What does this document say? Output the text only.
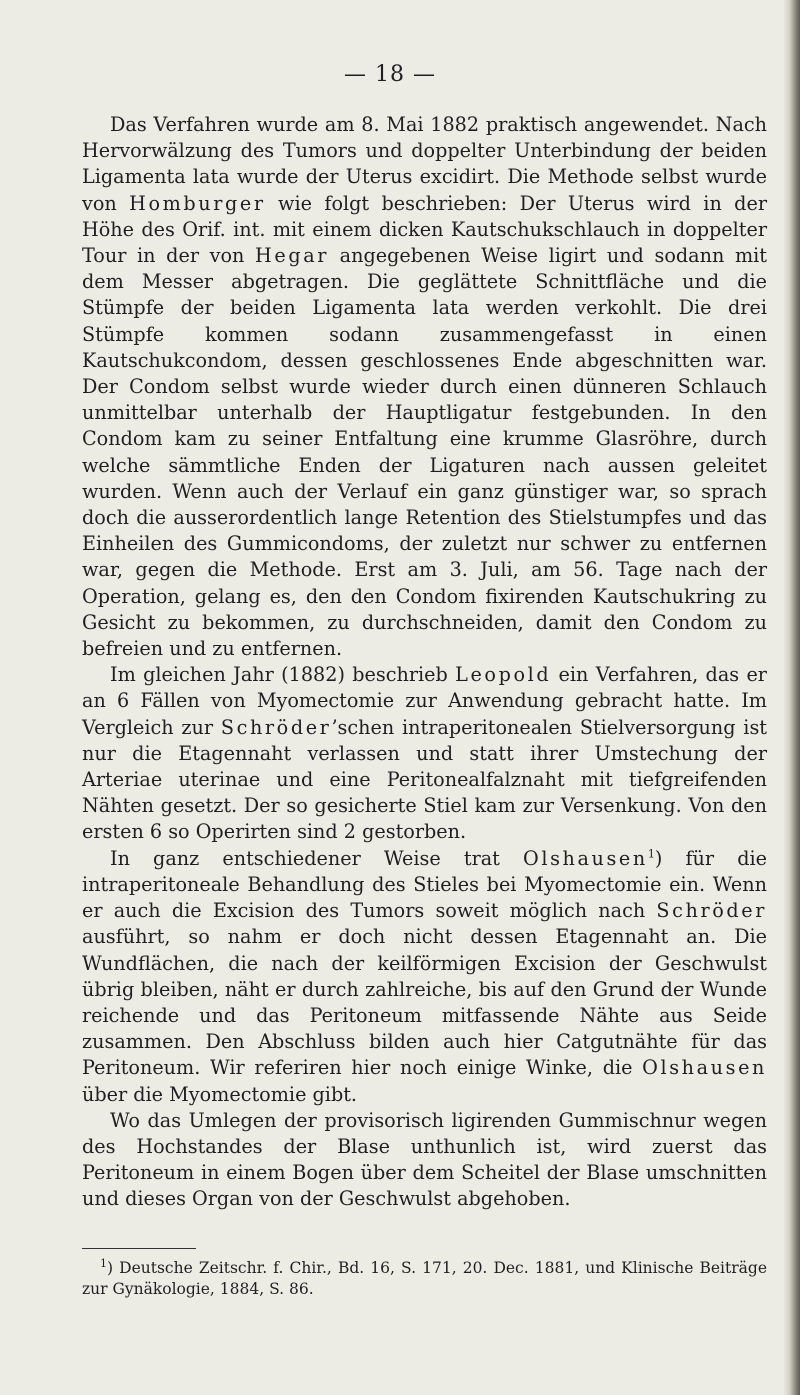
— 18 —

Das Verfahren wurde am 8. Mai 1882 praktisch angewendet. Nach Hervorwälzung des Tumors und doppelter Unterbindung der beiden Ligamenta lata wurde der Uterus excidirt. Die Methode selbst wurde von Homburger wie folgt beschrieben: Der Uterus wird in der Höhe des Orif. int. mit einem dicken Kautschukschlauch in doppelter Tour in der von Hegar angegebenen Weise ligirt und sodann mit dem Messer abgetragen. Die geglättete Schnittfläche und die Stümpfe der beiden Ligamenta lata werden verkohlt. Die drei Stümpfe kommen sodann zusammengefasst in einen Kautschukcondom, dessen geschlossenes Ende abgeschnitten war. Der Condom selbst wurde wieder durch einen dünneren Schlauch unmittelbar unterhalb der Hauptligatur festgebunden. In den Condom kam zu seiner Entfaltung eine krumme Glasröhre, durch welche sämmtliche Enden der Ligaturen nach aussen geleitet wurden. Wenn auch der Verlauf ein ganz günstiger war, so sprach doch die ausserordentlich lange Retention des Stielstumpfes und das Einheilen des Gummicondoms, der zuletzt nur schwer zu entfernen war, gegen die Methode. Erst am 3. Juli, am 56. Tage nach der Operation, gelang es, den den Condom fixirenden Kautschukring zu Gesicht zu bekommen, zu durchschneiden, damit den Condom zu befreien und zu entfernen.

Im gleichen Jahr (1882) beschrieb Leopold ein Verfahren, das er an 6 Fällen von Myomectomie zur Anwendung gebracht hatte. Im Vergleich zur Schröder’schen intraperitonealen Stielversorgung ist nur die Etagennaht verlassen und statt ihrer Umstechung der Arteriae uterinae und eine Peritonealfalznaht mit tiefgreifenden Nähten gesetzt. Der so gesicherte Stiel kam zur Versenkung. Von den ersten 6 so Operirten sind 2 gestorben.

In ganz entschiedener Weise trat Olshausen$^1$) für die intraperitoneale Behandlung des Stieles bei Myomectomie ein. Wenn er auch die Excision des Tumors soweit möglich nach Schröder ausführt, so nahm er doch nicht dessen Etagennaht an. Die Wundflächen, die nach der keilförmigen Excision der Geschwulst übrig bleiben, näht er durch zahlreiche, bis auf den Grund der Wunde reichende und das Peritoneum mitfassende Nähte aus Seide zusammen. Den Abschluss bilden auch hier Catgutnähte für das Peritoneum. Wir referiren hier noch einige Winke, die Olshausen über die Myomectomie gibt.

Wo das Umlegen der provisorisch ligirenden Gummischnur wegen des Hochstandes der Blase unthunlich ist, wird zuerst das Peritoneum in einem Bogen über dem Scheitel der Blase umschnitten und dieses Organ von der Geschwulst abgehoben.

$^1$) Deutsche Zeitschr. f. Chir., Bd. 16, S. 171, 20. Dec. 1881, und Klinische Beiträge zur Gynäkologie, 1884, S. 86.
